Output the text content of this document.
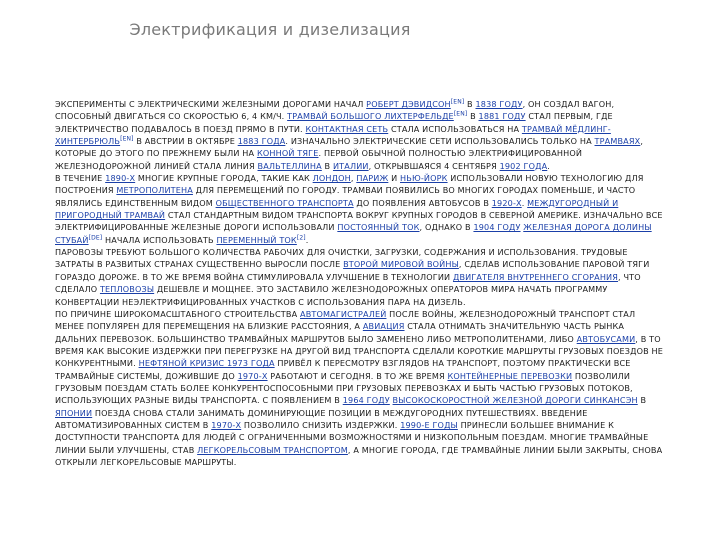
Электрификация и дизелизация

ЭКСПЕРИМЕНТЫ С ЭЛЕКТРИЧЕСКИМИ ЖЕЛЕЗНЫМИ ДОРОГАМИ НАЧАЛ РОБЕРТ ДЭВИДСОН[EN] В 1838 ГОДУ, ОН СОЗДАЛ ВАГОН, СПОСОБНЫЙ ДВИГАТЬСЯ СО СКОРОСТЬЮ 6, 4 КМ/Ч. ТРАМВАЙ БОЛЬШОГО ЛИХТЕРФЕЛЬДЕ[EN] В 1881 ГОДУ СТАЛ ПЕРВЫМ, ГДЕ ЭЛЕКТРИЧЕСТВО ПОДАВАЛОСЬ В ПОЕЗД ПРЯМО В ПУТИ. КОНТАКТНАЯ СЕТЬ СТАЛА ИСПОЛЬЗОВАТЬСЯ НА ТРАМВАЙ МЁДЛИНГ-ХИНТЕРБРЮЛЬ[EN] В АВСТРИИ В ОКТЯБРЕ 1883 ГОДА. ИЗНАЧАЛЬНО ЭЛЕКТРИЧЕСКИЕ СЕТИ ИСПОЛЬЗОВАЛИСЬ ТОЛЬКО НА ТРАМВАЯХ, КОТОРЫЕ ДО ЭТОГО ПО ПРЕЖНЕМУ БЫЛИ НА КОННОЙ ТЯГЕ. ПЕРВОЙ ОБЫЧНОЙ ПОЛНОСТЬЮ ЭЛЕКТРИФИЦИРОВАННОЙ ЖЕЛЕЗНОДОРОЖНОЙ ЛИНИЕЙ СТАЛА ЛИНИЯ ВАЛЬТЕЛЛИНА В ИТАЛИИ, ОТКРЫВШАЯСЯ 4 СЕНТЯБРЯ 1902 ГОДА.

В ТЕЧЕНИЕ 1890-Х МНОГИЕ КРУПНЫЕ ГОРОДА, ТАКИЕ КАК ЛОНДОН, ПАРИЖ И НЬЮ-ЙОРК ИСПОЛЬЗОВАЛИ НОВУЮ ТЕХНОЛОГИЮ ДЛЯ ПОСТРОЕНИЯ МЕТРОПОЛИТЕНА ДЛЯ ПЕРЕМЕЩЕНИЙ ПО ГОРОДУ. ТРАМВАИ ПОЯВИЛИСЬ ВО МНОГИХ ГОРОДАХ ПОМЕНЬШЕ, И ЧАСТО ЯВЛЯЛИСЬ ЕДИНСТВЕННЫМ ВИДОМ ОБЩЕСТВЕННОГО ТРАНСПОРТА ДО ПОЯВЛЕНИЯ АВТОБУСОВ В 1920-Х. МЕЖДУГОРОДНЫЙ И ПРИГОРОДНЫЙ ТРАМВАЙ СТАЛ СТАНДАРТНЫМ ВИДОМ ТРАНСПОРТА ВОКРУГ КРУПНЫХ ГОРОДОВ В СЕВЕРНОЙ АМЕРИКЕ. ИЗНАЧАЛЬНО ВСЕ ЭЛЕКТРИФИЦИРОВАННЫЕ ЖЕЛЕЗНЫЕ ДОРОГИ ИСПОЛЬЗОВАЛИ ПОСТОЯННЫЙ ТОК, ОДНАКО В 1904 ГОДУ ЖЕЛЕЗНАЯ ДОРОГА ДОЛИНЫ СТУБАЙ[DE] НАЧАЛА ИСПОЛЬЗОВАТЬ ПЕРЕМЕННЫЙ ТОК[2].

ПАРОВОЗЫ ТРЕБУЮТ БОЛЬШОГО КОЛИЧЕСТВА РАБОЧИХ ДЛЯ ОЧИСТКИ, ЗАГРУЗКИ, СОДЕРЖАНИЯ И ИСПОЛЬЗОВАНИЯ. ТРУДОВЫЕ ЗАТРАТЫ В РАЗВИТЫХ СТРАНАХ СУЩЕСТВЕННО ВЫРОСЛИ ПОСЛЕ ВТОРОЙ МИРОВОЙ ВОЙНЫ, СДЕЛАВ ИСПОЛЬЗОВАНИЕ ПАРОВОЙ ТЯГИ ГОРАЗДО ДОРОЖЕ. В ТО ЖЕ ВРЕМЯ ВОЙНА СТИМУЛИРОВАЛА УЛУЧШЕНИЕ В ТЕХНОЛОГИИ ДВИГАТЕЛЯ ВНУТРЕННЕГО СГОРАНИЯ, ЧТО СДЕЛАЛО ТЕПЛОВОЗЫ ДЕШЕВЛЕ И МОЩНЕЕ. ЭТО ЗАСТАВИЛО ЖЕЛЕЗНОДОРОЖНЫХ ОПЕРАТОРОВ МИРА НАЧАТЬ ПРОГРАММУ КОНВЕРТАЦИИ НЕЭЛЕКТРИФИЦИРОВАННЫХ УЧАСТКОВ С ИСПОЛЬЗОВАНИЯ ПАРА НА ДИЗЕЛЬ.

ПО ПРИЧИНЕ ШИРОКОМАСШТАБНОГО СТРОИТЕЛЬСТВА АВТОМАГИСТРАЛЕЙ ПОСЛЕ ВОЙНЫ, ЖЕЛЕЗНОДОРОЖНЫЙ ТРАНСПОРТ СТАЛ МЕНЕЕ ПОПУЛЯРЕН ДЛЯ ПЕРЕМЕЩЕНИЯ НА БЛИЗКИЕ РАССТОЯНИЯ, А АВИАЦИЯ СТАЛА ОТНИМАТЬ ЗНАЧИТЕЛЬНУЮ ЧАСТЬ РЫНКА ДАЛЬНИХ ПЕРЕВОЗОК. БОЛЬШИНСТВО ТРАМВАЙНЫХ МАРШРУТОВ БЫЛО ЗАМЕНЕНО ЛИБО МЕТРОПОЛИТЕНАМИ, ЛИБО АВТОБУСАМИ, В ТО ВРЕМЯ КАК ВЫСОКИЕ ИЗДЕРЖКИ ПРИ ПЕРЕГРУЗКЕ НА ДРУГОЙ ВИД ТРАНСПОРТА СДЕЛАЛИ КОРОТКИЕ МАРШРУТЫ ГРУЗОВЫХ ПОЕЗДОВ НЕ КОНКУРЕНТНЫМИ. НЕФТЯНОЙ КРИЗИС 1973 ГОДА ПРИВЁЛ К ПЕРЕСМОТРУ ВЗГЛЯДОВ НА ТРАНСПОРТ, ПОЭТОМУ ПРАКТИЧЕСКИ ВСЕ ТРАМВАЙНЫЕ СИСТЕМЫ, ДОЖИВШИЕ ДО 1970-Х РАБОТАЮТ И СЕГОДНЯ. В ТО ЖЕ ВРЕМЯ КОНТЕЙНЕРНЫЕ ПЕРЕВОЗКИ ПОЗВОЛИЛИ ГРУЗОВЫМ ПОЕЗДАМ СТАТЬ БОЛЕЕ КОНКУРЕНТОСПОСОБНЫМИ ПРИ ГРУЗОВЫХ ПЕРЕВОЗКАХ И БЫТЬ ЧАСТЬЮ ГРУЗОВЫХ ПОТОКОВ, ИСПОЛЬЗУЮЩИХ РАЗНЫЕ ВИДЫ ТРАНСПОРТА. С ПОЯВЛЕНИЕМ В 1964 ГОДУ ВЫСОКОСКОРОСТНОЙ ЖЕЛЕЗНОЙ ДОРОГИ СИНКАНСЭН В ЯПОНИИ ПОЕЗДА СНОВА СТАЛИ ЗАНИМАТЬ ДОМИНИРУЮЩИЕ ПОЗИЦИИ В МЕЖДУГОРОДНИХ ПУТЕШЕСТВИЯХ. ВВЕДЕНИЕ АВТОМАТИЗИРОВАННЫХ СИСТЕМ В 1970-Х ПОЗВОЛИЛО СНИЗИТЬ ИЗДЕРЖКИ. 1990-Е ГОДЫ ПРИНЕСЛИ БОЛЬШЕЕ ВНИМАНИЕ К ДОСТУПНОСТИ ТРАНСПОРТА ДЛЯ ЛЮДЕЙ С ОГРАНИЧЕННЫМИ ВОЗМОЖНОСТЯМИ И НИЗКОПОЛЬНЫМ ПОЕЗДАМ. МНОГИЕ ТРАМВАЙНЫЕ ЛИНИИ БЫЛИ УЛУЧШЕНЫ, СТАВ ЛЕГКОРЕЛЬСОВЫМ ТРАНСПОРТОМ, А МНОГИЕ ГОРОДА, ГДЕ ТРАМВАЙНЫЕ ЛИНИИ БЫЛИ ЗАКРЫТЫ, СНОВА ОТКРЫЛИ ЛЕГКОРЕЛЬСОВЫЕ МАРШРУТЫ.
